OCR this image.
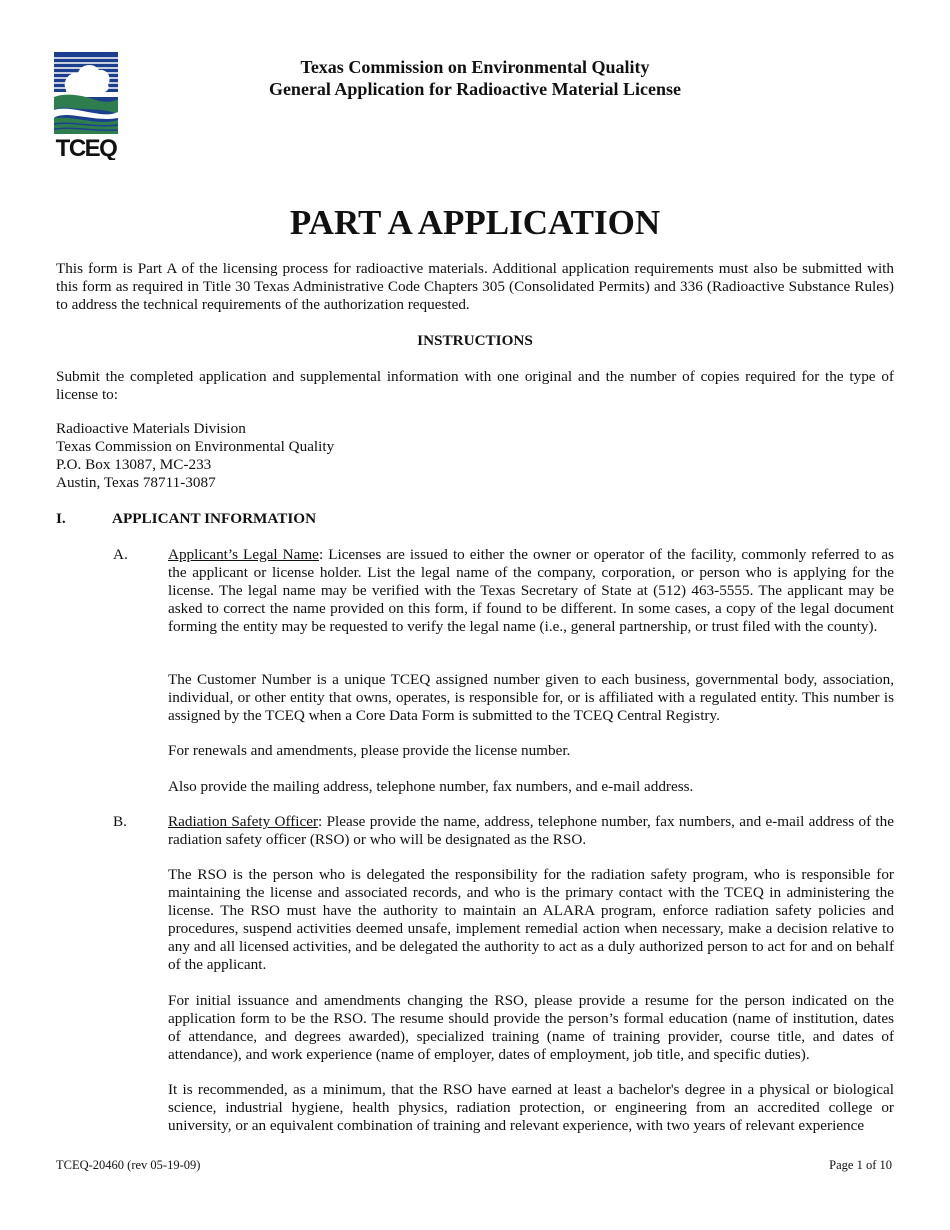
TCEQ
Texas Commission on Environmental Quality
General Application for Radioactive Material License
PART A APPLICATION

This form is Part A of the licensing process for radioactive materials. Additional application requirements must also be submitted with this form as required in Title 30 Texas Administrative Code Chapters 305 (Consolidated Permits) and 336 (Radioactive Substance Rules) to address the technical requirements of the authorization requested.

INSTRUCTIONS

Submit the completed application and supplemental information with one original and the number of copies required for the type of license to:

Radioactive Materials Division
Texas Commission on Environmental Quality
P.O. Box 13087, MC-233
Austin, Texas 78711-3087
I.	APPLICANT INFORMATION
A.	Applicant’s Legal Name: Licenses are issued to either the owner or operator of the facility, commonly referred to as the applicant or license holder. List the legal name of the company, corporation, or person who is applying for the license. The legal name may be verified with the Texas Secretary of State at (512) 463-5555. The applicant may be asked to correct the name provided on this form, if found to be different. In some cases, a copy of the legal document forming the entity may be requested to verify the legal name (i.e., general partnership, or trust filed with the county).

The Customer Number is a unique TCEQ assigned number given to each business, governmental body, association, individual, or other entity that owns, operates, is responsible for, or is affiliated with a regulated entity. This number is assigned by the TCEQ when a Core Data Form is submitted to the TCEQ Central Registry.

For renewals and amendments, please provide the license number.

Also provide the mailing address, telephone number, fax numbers, and e-mail address.

B.	Radiation Safety Officer: Please provide the name, address, telephone number, fax numbers, and e-mail address of the radiation safety officer (RSO) or who will be designated as the RSO.

The RSO is the person who is delegated the responsibility for the radiation safety program, who is responsible for maintaining the license and associated records, and who is the primary contact with the TCEQ in administering the license. The RSO must have the authority to maintain an ALARA program, enforce radiation safety policies and procedures, suspend activities deemed unsafe, implement remedial action when necessary, make a decision relative to any and all licensed activities, and be delegated the authority to act as a duly authorized person to act for and on behalf of the applicant.

For initial issuance and amendments changing the RSO, please provide a resume for the person indicated on the application form to be the RSO. The resume should provide the person’s formal education (name of institution, dates of attendance, and degrees awarded), specialized training (name of training provider, course title, and dates of attendance), and work experience (name of employer, dates of employment, job title, and specific duties).

It is recommended, as a minimum, that the RSO have earned at least a bachelor's degree in a physical or biological science, industrial hygiene, health physics, radiation protection, or engineering from an accredited college or university, or an equivalent combination of training and relevant experience, with two years of relevant experience

TCEQ-20460 (rev 05-19-09)	Page 1 of 10
